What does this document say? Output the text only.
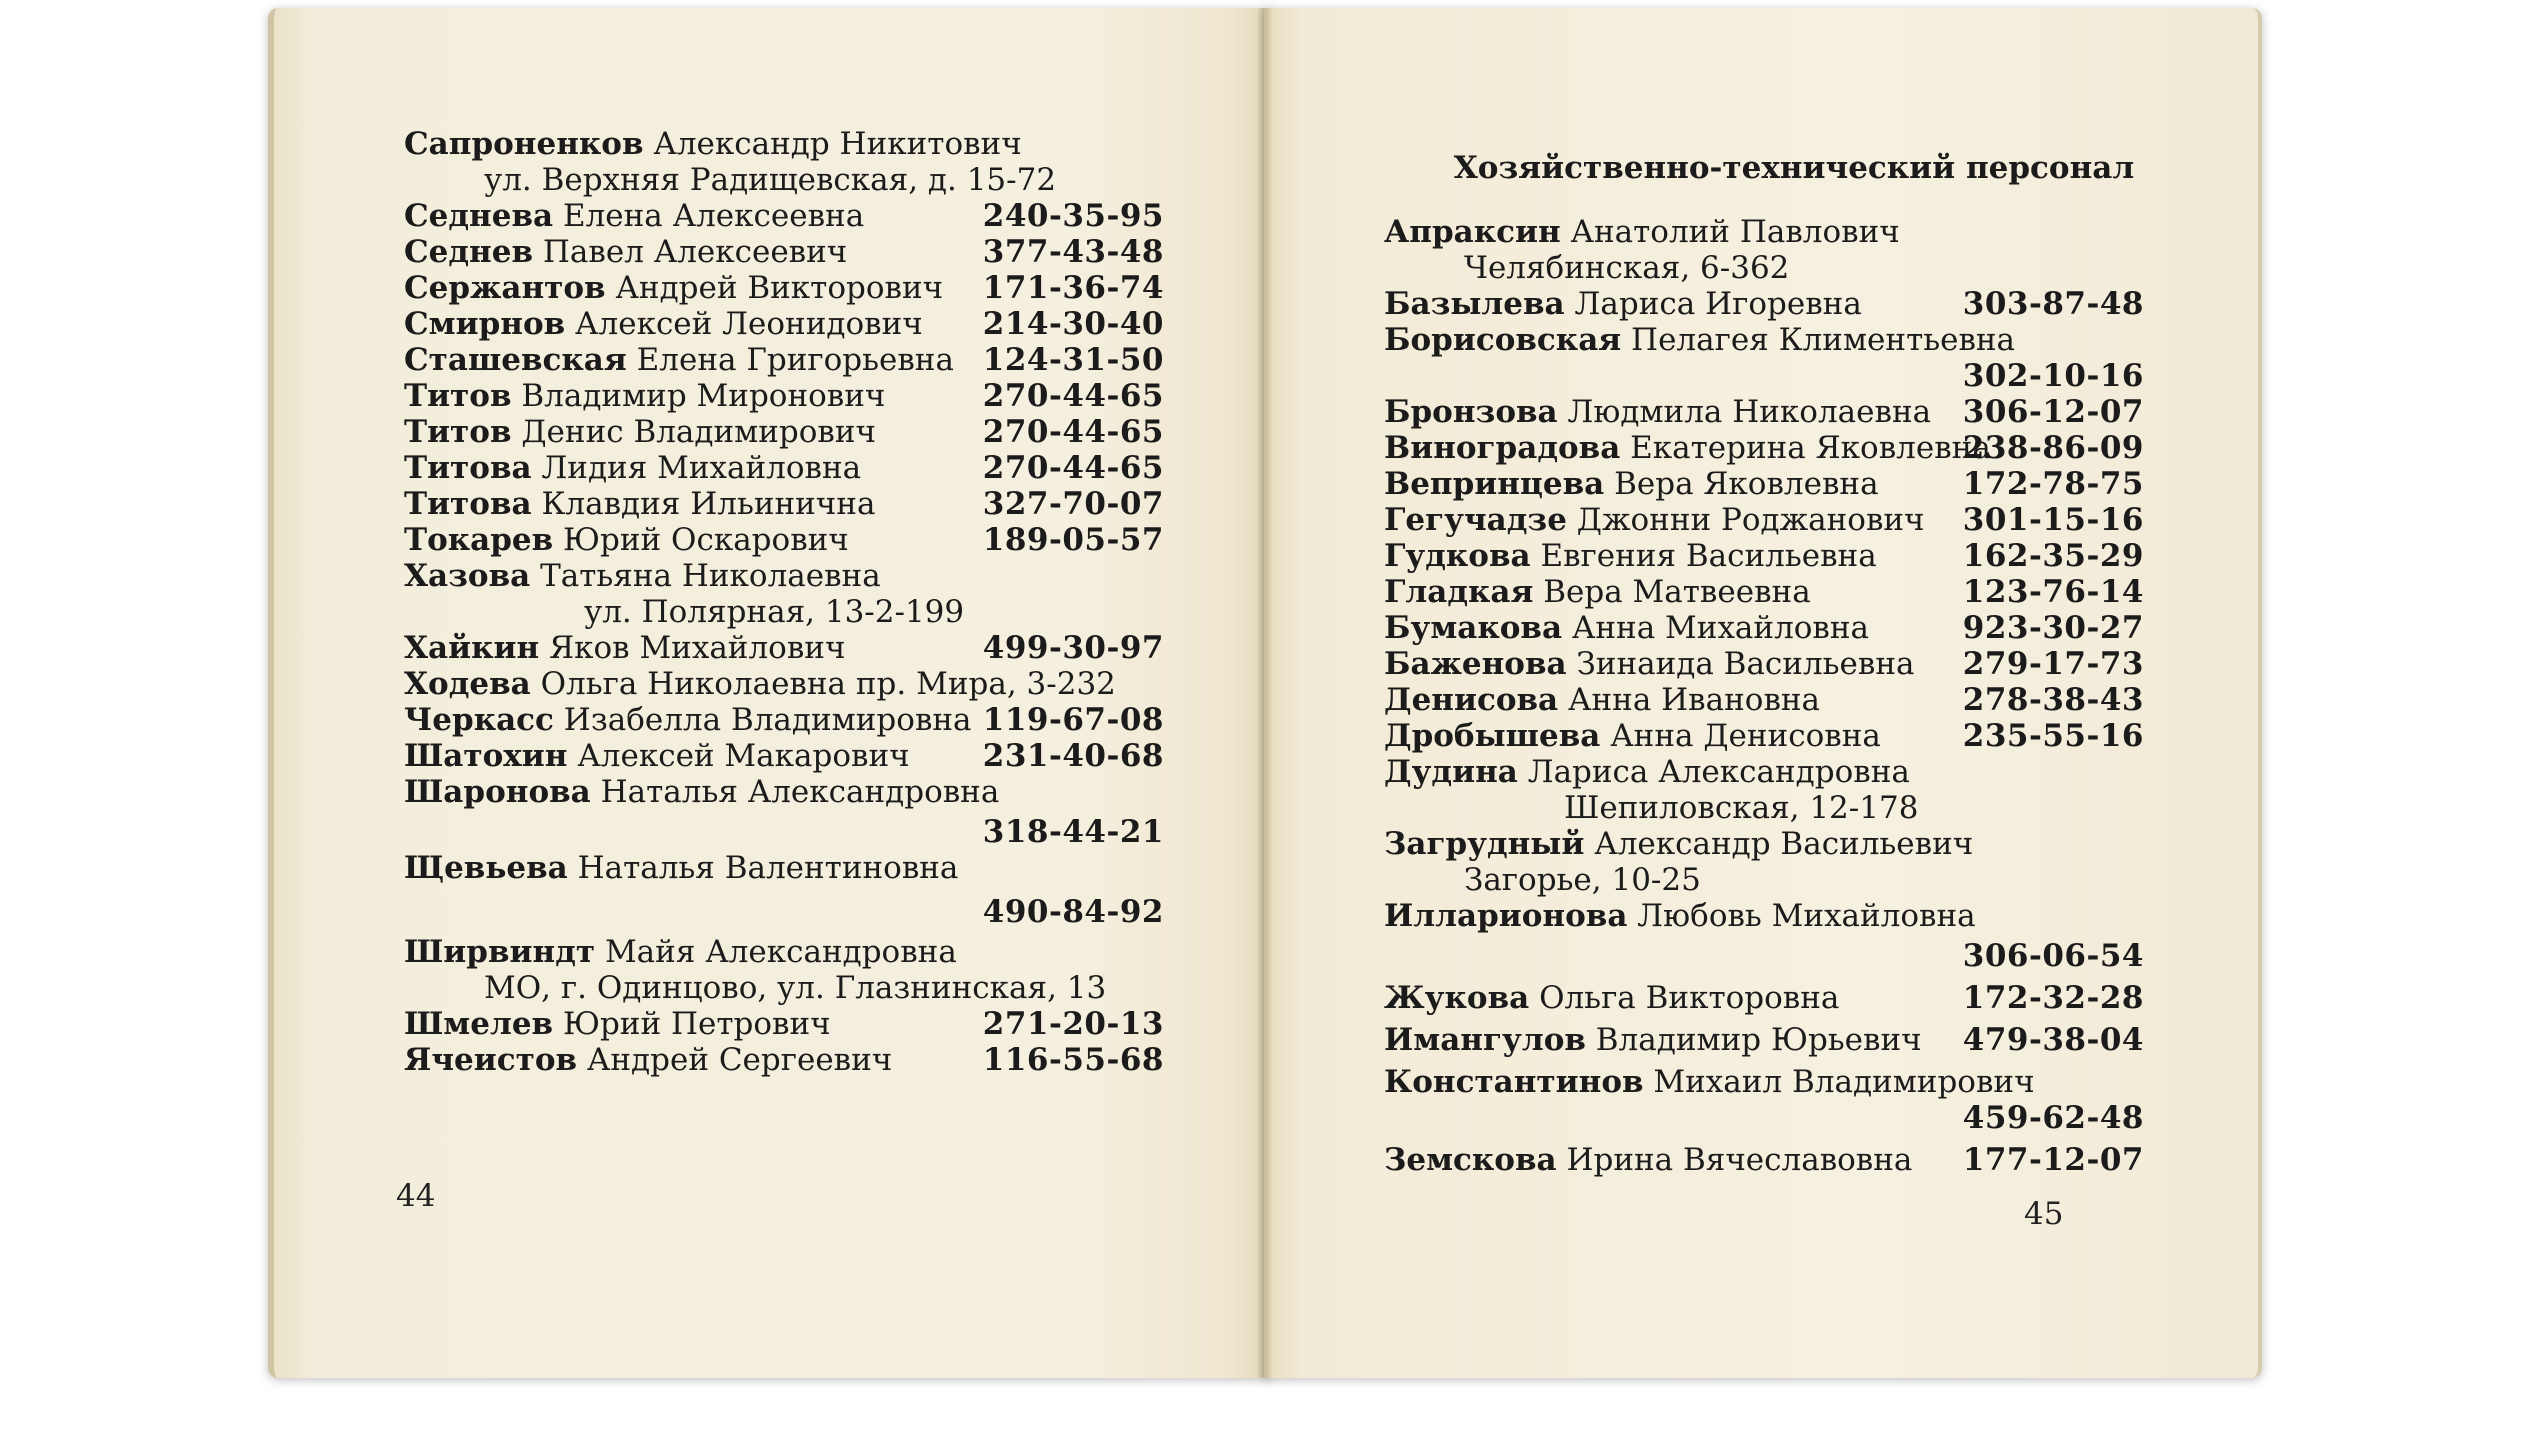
Сапроненков Александр Никитович
ул. Верхняя Радищевская, д. 15-72
Седнева Елена Алексеевна	240-35-95
Седнев Павел Алексеевич	377-43-48
Сержантов Андрей Викторович 171-36-74
Смирнов Алексей Леонидович 214-30-40
Сташевская Елена Григорьевна 124-31-50
Титов Владимир Миронович	270-44-65
Титов Денис Владимирович	270-44-65
Титова Лидия Михайловна	270-44-65
Титова Клавдия Ильинична	327-70-07
Токарев Юрий Оскарович	189-05-57
Хазова Татьяна Николаевна
ул. Полярная, 13-2-199
Хайкин Яков Михайлович	499-30-97
Ходева Ольга Николаевна пр. Мира, 3-232
Черкасс Изабелла Владимировна 119-67-08
Шатохин Алексей Макарович 231-40-68
Шаронова Наталья Александровна
318-44-21
Щевьева Наталья Валентиновна
490-84-92
Ширвиндт Майя Александровна
МО, г. Одинцово, ул. Глазнинская, 13
Шмелев Юрий Петрович	271-20-13
Ячеистов Андрей Сергеевич	116-55-68
44
Хозяйственно-технический персонал
Апраксин Анатолий Павлович
Челябинская, 6-362
Базылева Лариса Игоревна	303-87-48
Борисовская Пелагея Климентьевна
302-10-16
Бронзова Людмила Николаевна 306-12-07
Виноградова Екатерина Яковлевна
238-86-09
Вепринцева Вера Яковлевна	172-78-75
Гегучадзе Джонни Роджанович 301-15-16
Гудкова Евгения Васильевна	162-35-29
Гладкая Вера Матвеевна	123-76-14
Бумакова Анна Михайловна	923-30-27
Баженова Зинаида Васильевна 279-17-73
Денисова Анна Ивановна	278-38-43
Дробышева Анна Денисовна	235-55-16
Дудина Лариса Александровна
Шепиловская, 12-178
Загрудный Александр Васильевич
Загорье, 10-25
Илларионова Любовь Михайловна
306-06-54
Жукова Ольга Викторовна	172-32-28
Имангулов Владимир Юрьевич 479-38-04
Константинов Михаил Владимирович
459-62-48
Земскова Ирина Вячеславовна 177-12-07
45
